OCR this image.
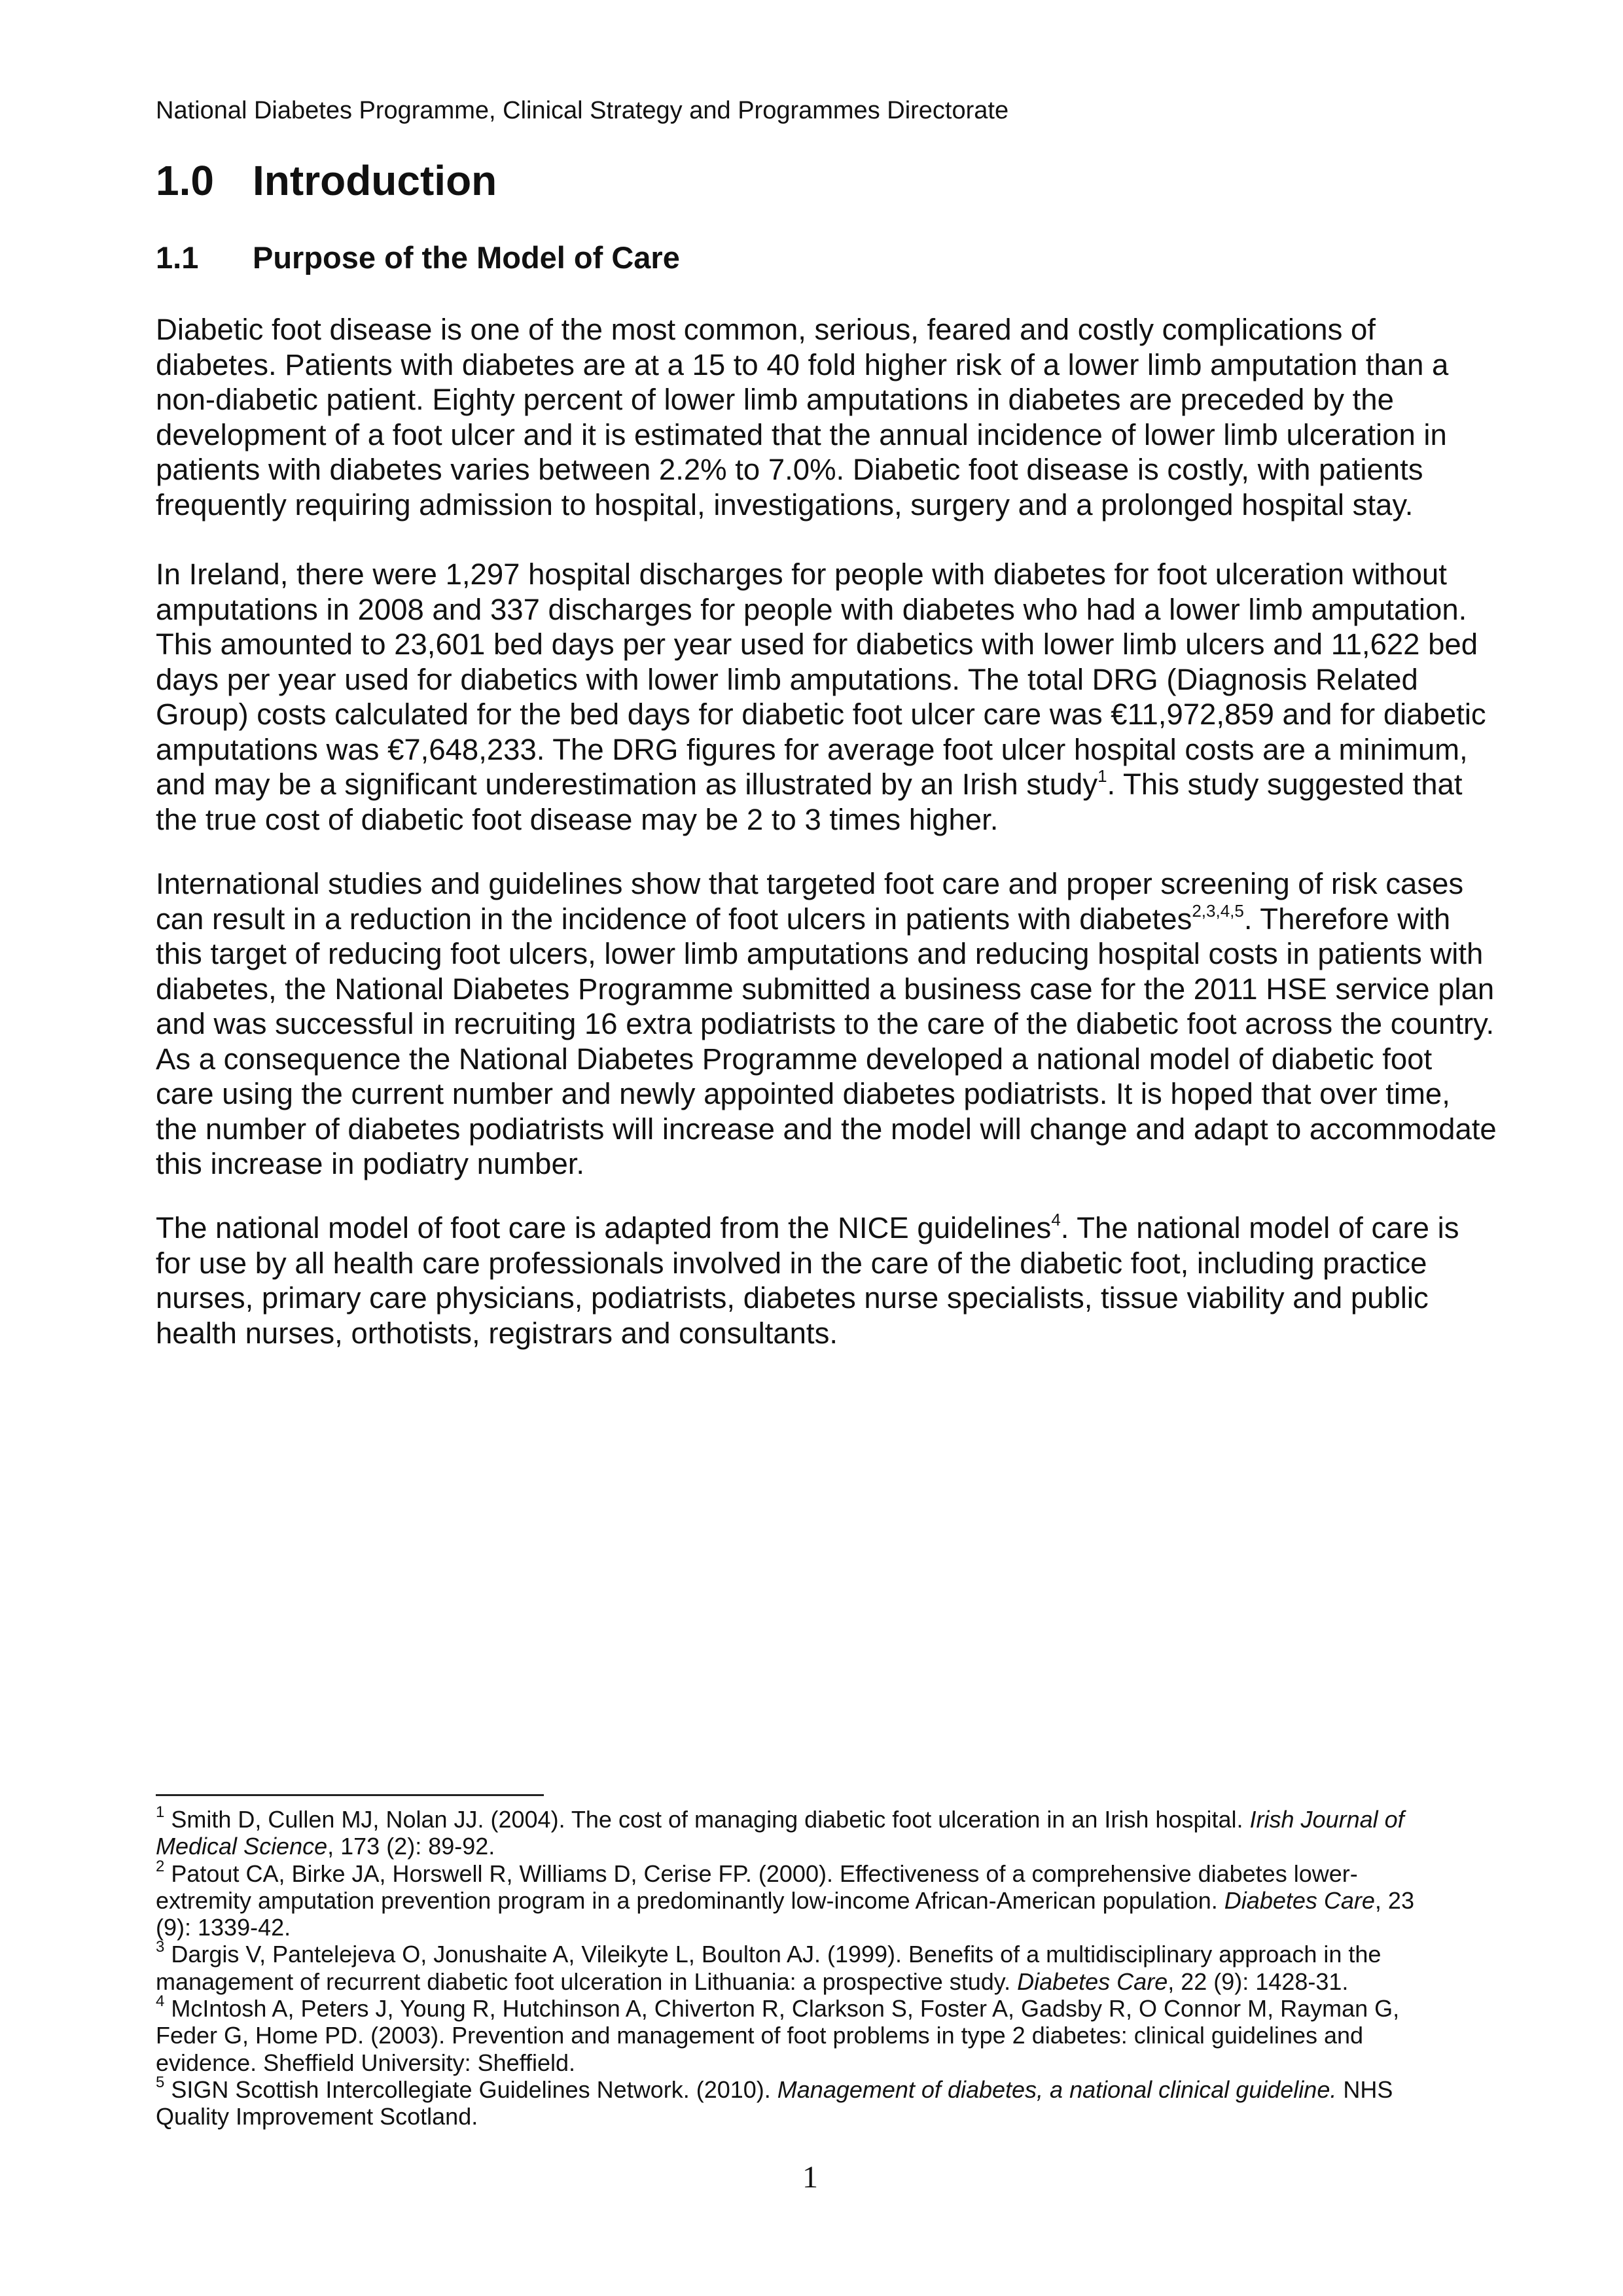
National Diabetes Programme, Clinical Strategy and Programmes Directorate
1.0 Introduction
1.1 Purpose of the Model of Care
Diabetic foot disease is one of the most common, serious, feared and costly complications of
diabetes. Patients with diabetes are at a 15 to 40 fold higher risk of a lower limb amputation than a
non-diabetic patient. Eighty percent of lower limb amputations in diabetes are preceded by the
development of a foot ulcer and it is estimated that the annual incidence of lower limb ulceration in
patients with diabetes varies between 2.2% to 7.0%. Diabetic foot disease is costly, with patients
frequently requiring admission to hospital, investigations, surgery and a prolonged hospital stay.
In Ireland, there were 1,297 hospital discharges for people with diabetes for foot ulceration without
amputations in 2008 and 337 discharges for people with diabetes who had a lower limb amputation.
This amounted to 23,601 bed days per year used for diabetics with lower limb ulcers and 11,622 bed
days per year used for diabetics with lower limb amputations. The total DRG (Diagnosis Related
Group) costs calculated for the bed days for diabetic foot ulcer care was €11,972,859 and for diabetic
amputations was €7,648,233. The DRG figures for average foot ulcer hospital costs are a minimum,
and may be a significant underestimation as illustrated by an Irish study$^1$. This study suggested that
the true cost of diabetic foot disease may be 2 to 3 times higher.
International studies and guidelines show that targeted foot care and proper screening of risk cases
can result in a reduction in the incidence of foot ulcers in patients with diabetes$^{2,3,4,5}$. Therefore with
this target of reducing foot ulcers, lower limb amputations and reducing hospital costs in patients with
diabetes, the National Diabetes Programme submitted a business case for the 2011 HSE service plan
and was successful in recruiting 16 extra podiatrists to the care of the diabetic foot across the country.
As a consequence the National Diabetes Programme developed a national model of diabetic foot
care using the current number and newly appointed diabetes podiatrists. It is hoped that over time,
the number of diabetes podiatrists will increase and the model will change and adapt to accommodate
this increase in podiatry number.
The national model of foot care is adapted from the NICE guidelines$^4$. The national model of care is
for use by all health care professionals involved in the care of the diabetic foot, including practice
nurses, primary care physicians, podiatrists, diabetes nurse specialists, tissue viability and public
health nurses, orthotists, registrars and consultants.
$^1$ Smith D, Cullen MJ, Nolan JJ. (2004). The cost of managing diabetic foot ulceration in an Irish hospital. Irish Journal of
Medical Science, 173 (2): 89-92.
$^2$ Patout CA, Birke JA, Horswell R, Williams D, Cerise FP. (2000). Effectiveness of a comprehensive diabetes lower-
extremity amputation prevention program in a predominantly low-income African-American population. Diabetes Care, 23
(9): 1339-42.
$^3$ Dargis V, Pantelejeva O, Jonushaite A, Vileikyte L, Boulton AJ. (1999). Benefits of a multidisciplinary approach in the
management of recurrent diabetic foot ulceration in Lithuania: a prospective study. Diabetes Care, 22 (9): 1428-31.
$^4$ McIntosh A, Peters J, Young R, Hutchinson A, Chiverton R, Clarkson S, Foster A, Gadsby R, O Connor M, Rayman G,
Feder G, Home PD. (2003). Prevention and management of foot problems in type 2 diabetes: clinical guidelines and
evidence. Sheffield University: Sheffield.
$^5$ SIGN Scottish Intercollegiate Guidelines Network. (2010). Management of diabetes, a national clinical guideline. NHS
Quality Improvement Scotland.
1
